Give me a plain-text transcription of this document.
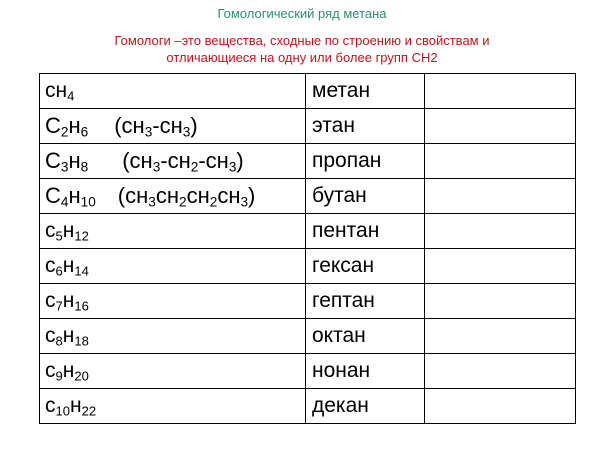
Гомологический ряд метана
Гомологи –это вещества, сходные по строению и свойствам и
отличающиеся на одну или более групп СН2
$сн_4$	метан	
$С_2н_6$ $(сн_3-сн_3)$	этан	
$С_3н_8$ $(сн_3-сн_2-сн_3)$	пропан	
$С_4н_{10}$ $(сн_3сн_2сн_2сн_3)$	бутан	
$с_5н_{12}$	пентан	
$с_6н_{14}$	гексан	
$с_7н_{16}$	гептан	
$с_8н_{18}$	октан	
$с_9н_{20}$	нонан	
$с_{10}н_{22}$	декан	
